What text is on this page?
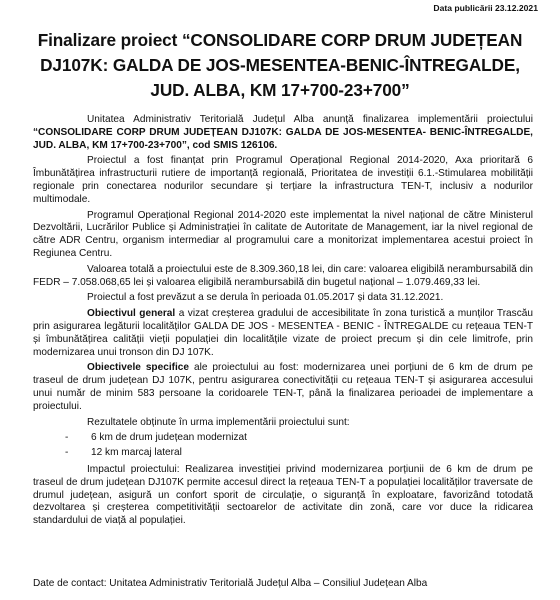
Data publicării 23.12.2021
Finalizare proiect “CONSOLIDARE CORP DRUM JUDEȚEAN DJ107K: GALDA DE JOS-MESENTEA-BENIC-ÎNTREGALDE, JUD. ALBA, KM 17+700-23+700”

Unitatea Administrativ Teritorială Județul Alba anunță finalizarea implementării proiectului “CONSOLIDARE CORP DRUM JUDEȚEAN DJ107K: GALDA DE JOS-MESENTEA- BENIC-ÎNTREGALDE, JUD. ALBA, KM 17+700-23+700”, cod SMIS 126106.

Proiectul a fost finanțat prin Programul Operațional Regional 2014-2020, Axa prioritară 6 Îmbunătățirea infrastructurii rutiere de importanță regională, Prioritatea de investiții 6.1.-Stimularea mobilității regionale prin conectarea nodurilor secundare și terțiare la infrastructura TEN-T, inclusiv a nodurilor multimodale.

Programul Operațional Regional 2014-2020 este implementat la nivel național de către Ministerul Dezvoltării, Lucrărilor Publice și Administrației în calitate de Autoritate de Management, iar la nivel regional de către ADR Centru, organism intermediar al programului care a monitorizat implementarea acestui proiect în Regiunea Centru.

Valoarea totală a proiectului este de 8.309.360,18 lei, din care: valoarea eligibilă nerambursabilă din FEDR – 7.058.068,65 lei și valoarea eligibilă nerambursabilă din bugetul național – 1.079.469,33 lei.

Proiectul a fost prevăzut a se derula în perioada 01.05.2017 și data 31.12.2021.

Obiectivul general a vizat creșterea gradului de accesibilitate în zona turistică a munților Trascău prin asigurarea legăturii localităților GALDA DE JOS - MESENTEA - BENIC - ÎNTREGALDE cu rețeaua TEN-T și îmbunătățirea calității vieții populației din localitățile vizate de proiect precum și din cele limitrofe, prin modernizarea unui tronson din DJ 107K.

Obiectivele specifice ale proiectului au fost: modernizarea unei porțiuni de 6 km de drum pe traseul de drum județean DJ 107K, pentru asigurarea conectivității cu rețeaua TEN-T și asigurarea accesului unui număr de minim 583 persoane la coridoarele TEN-T, până la finalizarea perioadei de implementare a proiectului.

Rezultatele obținute în urma implementării proiectului sunt:

- 6 km de drum județean modernizat
- 12 km marcaj lateral

Impactul proiectului: Realizarea investiției privind modernizarea porțiunii de 6 km de drum pe traseul de drum județean DJ107K permite accesul direct la rețeaua TEN-T a populației localităților traversate de drumul județean, asigură un confort sporit de circulație, o siguranță în exploatare, favorizând totodată dezvoltarea și creșterea competitivității sectoarelor de activitate din zonă, care vor duce la ridicarea standardului de viață al populației.

Date de contact: Unitatea Administrativ Teritorială Județul Alba – Consiliul Județean Alba
